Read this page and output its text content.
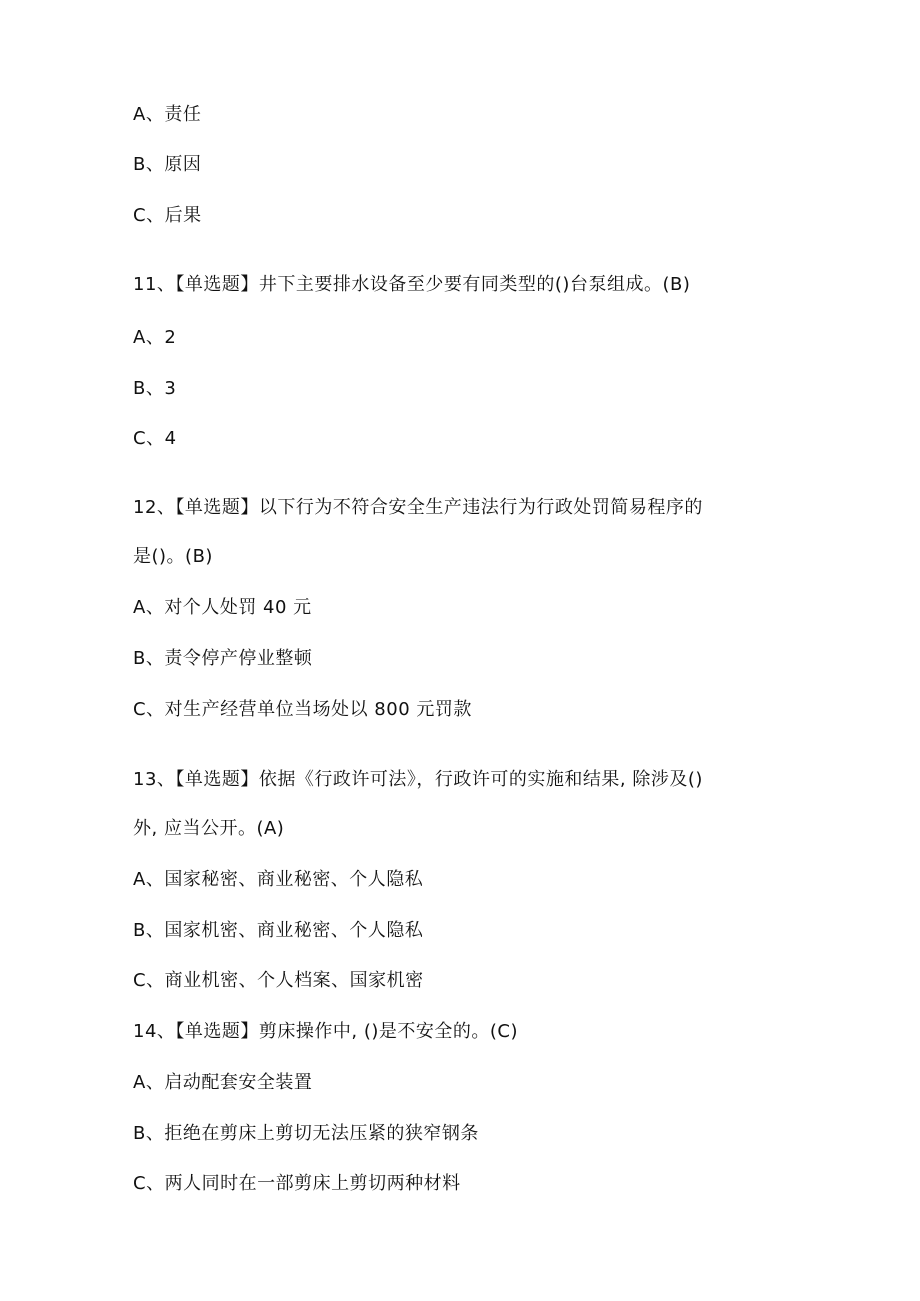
A、责任
B、原因
C、后果
11、【单选题】井下主要排水设备至少要有同类型的()台泵组成。(B)
A、2
B、3
C、4
12、【单选题】以下行为不符合安全生产违法行为行政处罚简易程序的
是()。(B)
A、对个人处罚 40 元
B、责令停产停业整顿
C、对生产经营单位当场处以 800 元罚款
13、【单选题】依据《行政许可法》，行政许可的实施和结果, 除涉及()
外, 应当公开。(A)
A、国家秘密、商业秘密、个人隐私
B、国家机密、商业秘密、个人隐私
C、商业机密、个人档案、国家机密
14、【单选题】剪床操作中, ()是不安全的。(C)
A、启动配套安全装置
B、拒绝在剪床上剪切无法压紧的狭窄钢条
C、两人同时在一部剪床上剪切两种材料
